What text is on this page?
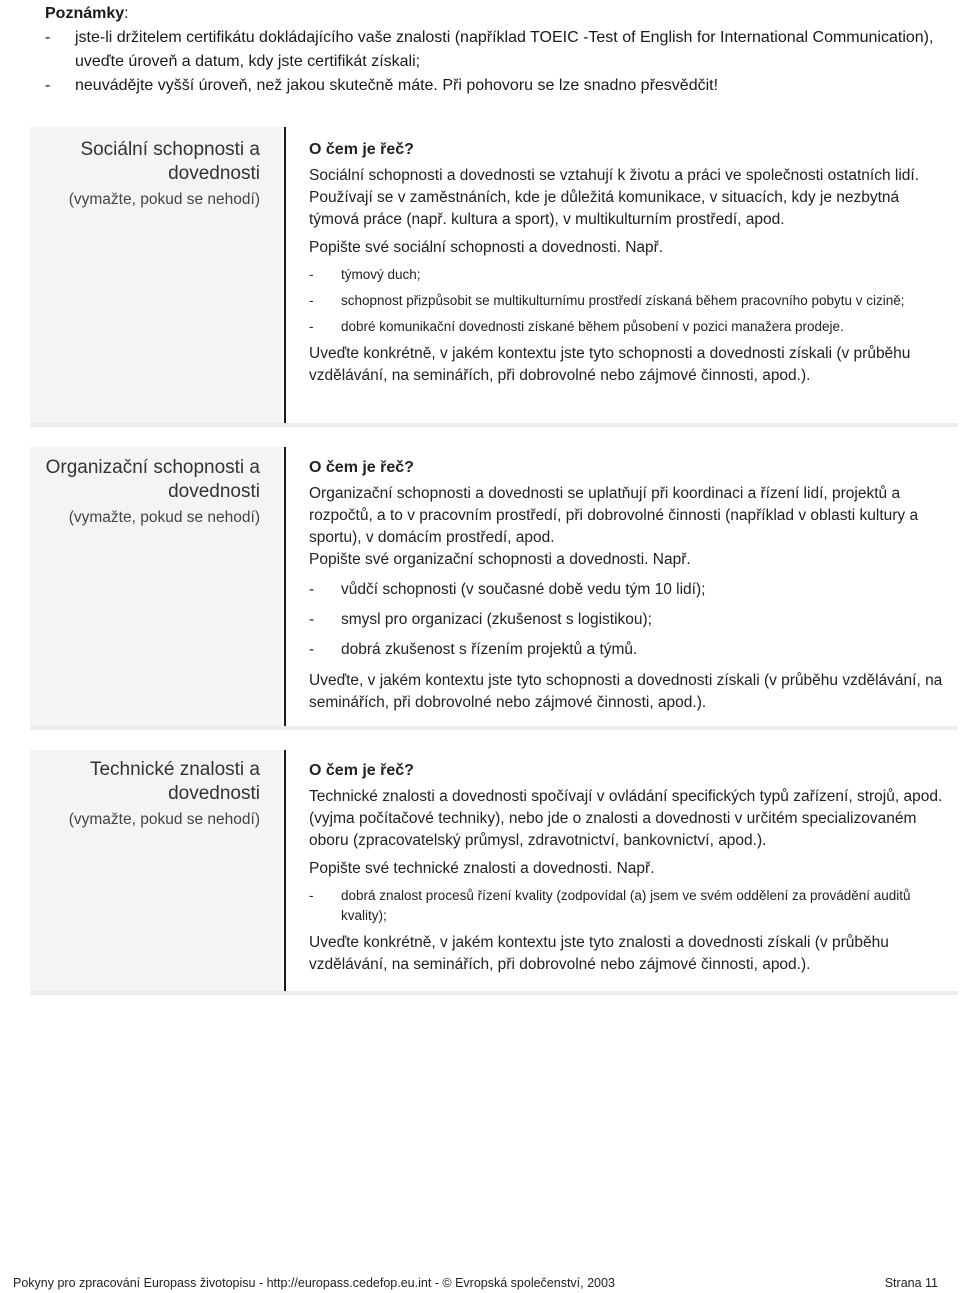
Poznámky:
- jste-li držitelem certifikátu dokládajícího vaše znalosti (například TOEIC -Test of English for International Communication), uveďte úroveň a datum, kdy jste certifikát získali;
- neuvádějte vyšší úroveň, než jakou skutečně máte. Při pohovoru se lze snadno přesvědčit!
Sociální schopnosti a dovednosti
(vymažte, pokud se nehodí)
O čem je řeč?

Sociální schopnosti a dovednosti se vztahují k životu a práci ve společnosti ostatních lidí. Používají se v zaměstnáních, kde je důležitá komunikace, v situacích, kdy je nezbytná týmová práce (např. kultura a sport), v multikulturním prostředí, apod.

Popište své sociální schopnosti a dovednosti. Např.

- týmový duch;
- schopnost přizpůsobit se multikulturnímu prostředí získaná během pracovního pobytu v cizině;
- dobré komunikační dovednosti získané během působení v pozici manažera prodeje.

Uveďte konkrétně, v jakém kontextu jste tyto schopnosti a dovednosti získali (v průběhu vzdělávání, na seminářích, při dobrovolné nebo zájmové činnosti, apod.).

Organizační schopnosti a dovednosti
(vymažte, pokud se nehodí)
O čem je řeč?

Organizační schopnosti a dovednosti se uplatňují při koordinaci a řízení lidí, projektů a rozpočtů, a to v pracovním prostředí, při dobrovolné činnosti (například v oblasti kultury a sportu), v domácím prostředí, apod.

Popište své organizační schopnosti a dovednosti. Např.

- vůdčí schopnosti (v současné době vedu tým 10 lidí);
- smysl pro organizaci (zkušenost s logistikou);
- dobrá zkušenost s řízením projektů a týmů.

Uveďte, v jakém kontextu jste tyto schopnosti a dovednosti získali (v průběhu vzdělávání, na seminářích, při dobrovolné nebo zájmové činnosti, apod.).

Technické znalosti a dovednosti
(vymažte, pokud se nehodí)
O čem je řeč?

Technické znalosti a dovednosti spočívají v ovládání specifických typů zařízení, strojů, apod. (vyjma počítačové techniky), nebo jde o znalosti a dovednosti v určitém specializovaném oboru (zpracovatelský průmysl, zdravotnictví, bankovnictví, apod.).

Popište své technické znalosti a dovednosti. Např.

- dobrá znalost procesů řízení kvality (zodpovídal (a) jsem ve svém oddělení za provádění auditů kvality);

Uveďte konkrétně, v jakém kontextu jste tyto znalosti a dovednosti získali (v průběhu vzdělávání, na seminářích, při dobrovolné nebo zájmové činnosti, apod.).

Pokyny pro zpracování Europass životopisu - http://europass.cedefop.eu.int - © Evropská společenství, 2003	Strana 11
